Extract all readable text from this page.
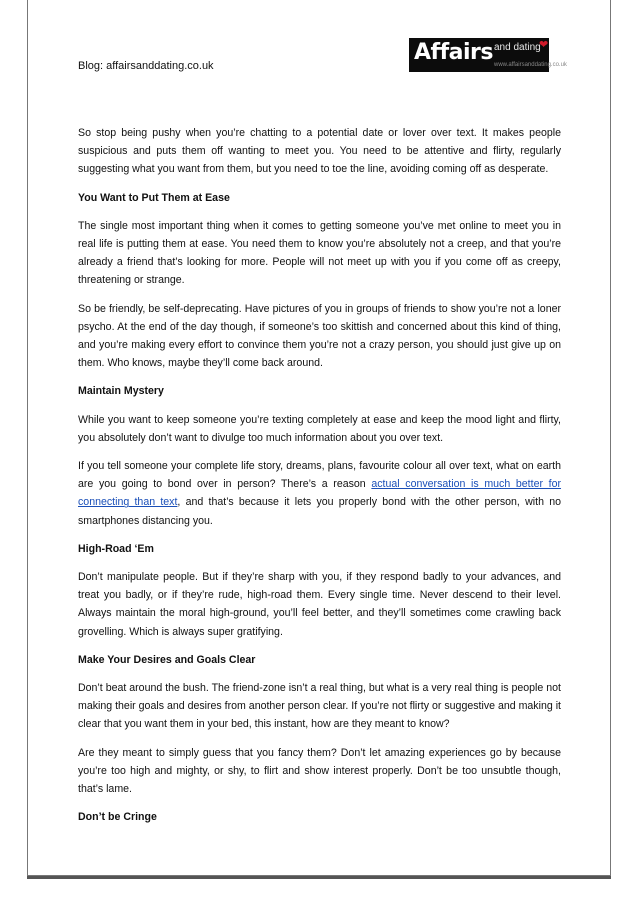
Blog: affairsanddating.co.uk
Affairs and dating
❤
www.affairsanddating.co.uk

So stop being pushy when you’re chatting to a potential date or lover over text. It makes people suspicious and puts them off wanting to meet you. You need to be attentive and flirty, regularly suggesting what you want from them, but you need to toe the line, avoiding coming off as desperate.

You Want to Put Them at Ease

The single most important thing when it comes to getting someone you’ve met online to meet you in real life is putting them at ease. You need them to know you’re absolutely not a creep, and that you’re already a friend that’s looking for more. People will not meet up with you if you come off as creepy, threatening or strange.

So be friendly, be self-deprecating. Have pictures of you in groups of friends to show you’re not a loner psycho. At the end of the day though, if someone’s too skittish and concerned about this kind of thing, and you’re making every effort to convince them you’re not a crazy person, you should just give up on them. Who knows, maybe they’ll come back around.

Maintain Mystery

While you want to keep someone you’re texting completely at ease and keep the mood light and flirty, you absolutely don’t want to divulge too much information about you over text.

If you tell someone your complete life story, dreams, plans, favourite colour all over text, what on earth are you going to bond over in person? There’s a reason actual conversation is much better for connecting than text, and that’s because it lets you properly bond with the other person, with no smartphones distancing you.

High-Road ‘Em

Don’t manipulate people. But if they’re sharp with you, if they respond badly to your advances, and treat you badly, or if they’re rude, high-road them. Every single time. Never descend to their level. Always maintain the moral high-ground, you’ll feel better, and they’ll sometimes come crawling back grovelling. Which is always super gratifying.

Make Your Desires and Goals Clear

Don’t beat around the bush. The friend-zone isn’t a real thing, but what is a very real thing is people not making their goals and desires from another person clear. If you’re not flirty or suggestive and making it clear that you want them in your bed, this instant, how are they meant to know?

Are they meant to simply guess that you fancy them? Don’t let amazing experiences go by because you’re too high and mighty, or shy, to flirt and show interest properly. Don’t be too unsubtle though, that’s lame.

Don’t be Cringe
